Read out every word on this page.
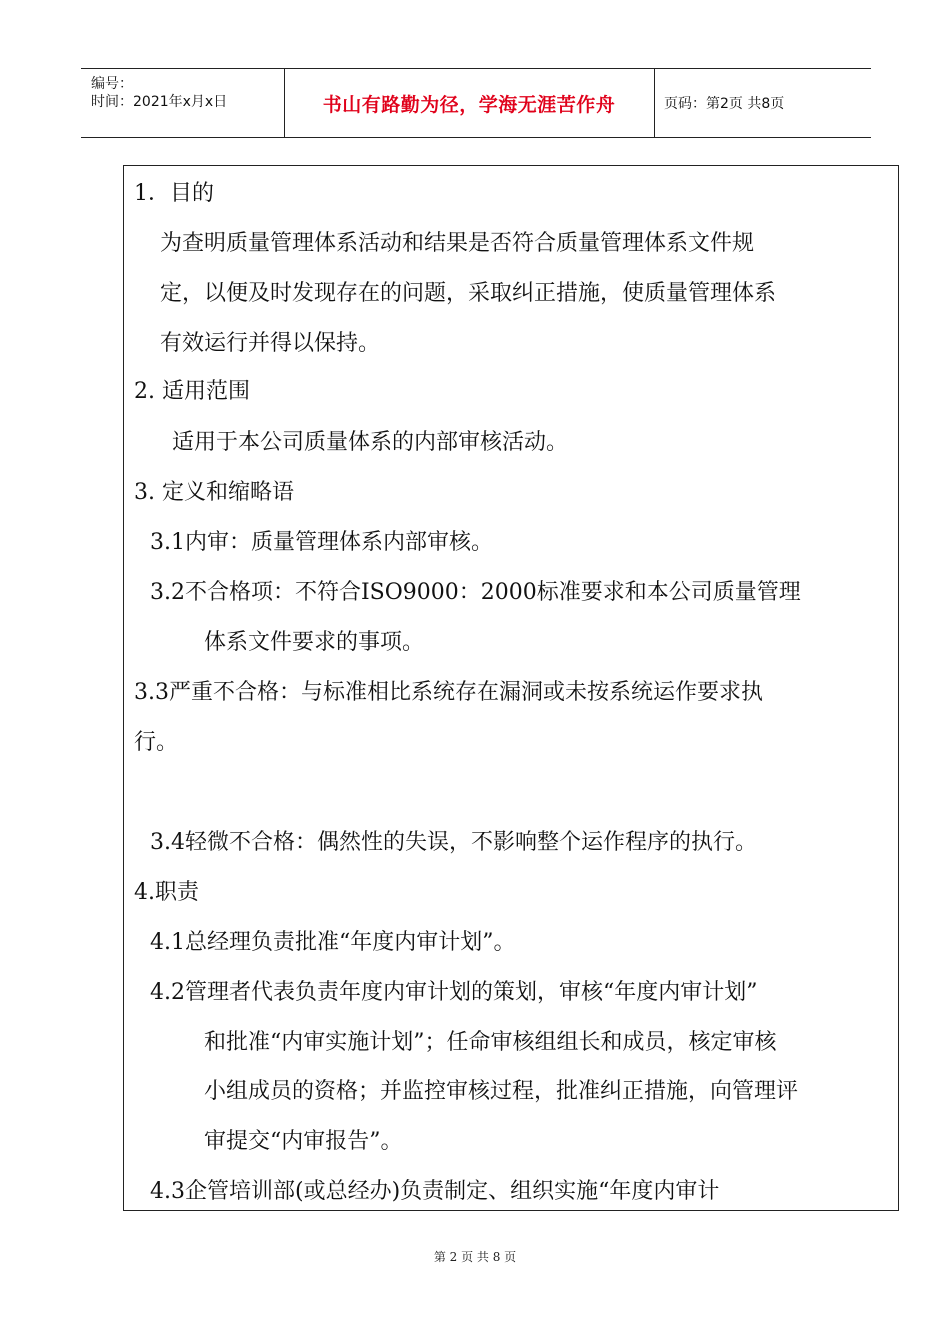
编号：
时间：2021年x月x日	书山有路勤为径，学海无涯苦作舟	页码：第2页 共8页
1．目的
为查明质量管理体系活动和结果是否符合质量管理体系文件规
定，以便及时发现存在的问题，采取纠正措施，使质量管理体系
有效运行并得以保持。
2. 适用范围
适用于本公司质量体系的内部审核活动。
3. 定义和缩略语
3.1内审：质量管理体系内部审核。
3.2不合格项：不符合ISO9000：2000标准要求和本公司质量管理
体系文件要求的事项。
3.3严重不合格：与标准相比系统存在漏洞或未按系统运作要求执
行。
3.4轻微不合格：偶然性的失误，不影响整个运作程序的执行。
4.职责
4.1总经理负责批准“年度内审计划”。
4.2管理者代表负责年度内审计划的策划，审核“年度内审计划”
和批准“内审实施计划”；任命审核组组长和成员，核定审核
小组成员的资格；并监控审核过程，批准纠正措施，向管理评
审提交“内审报告”。
4.3企管培训部(或总经办)负责制定、组织实施“年度内审计
第 2 页 共 8 页
